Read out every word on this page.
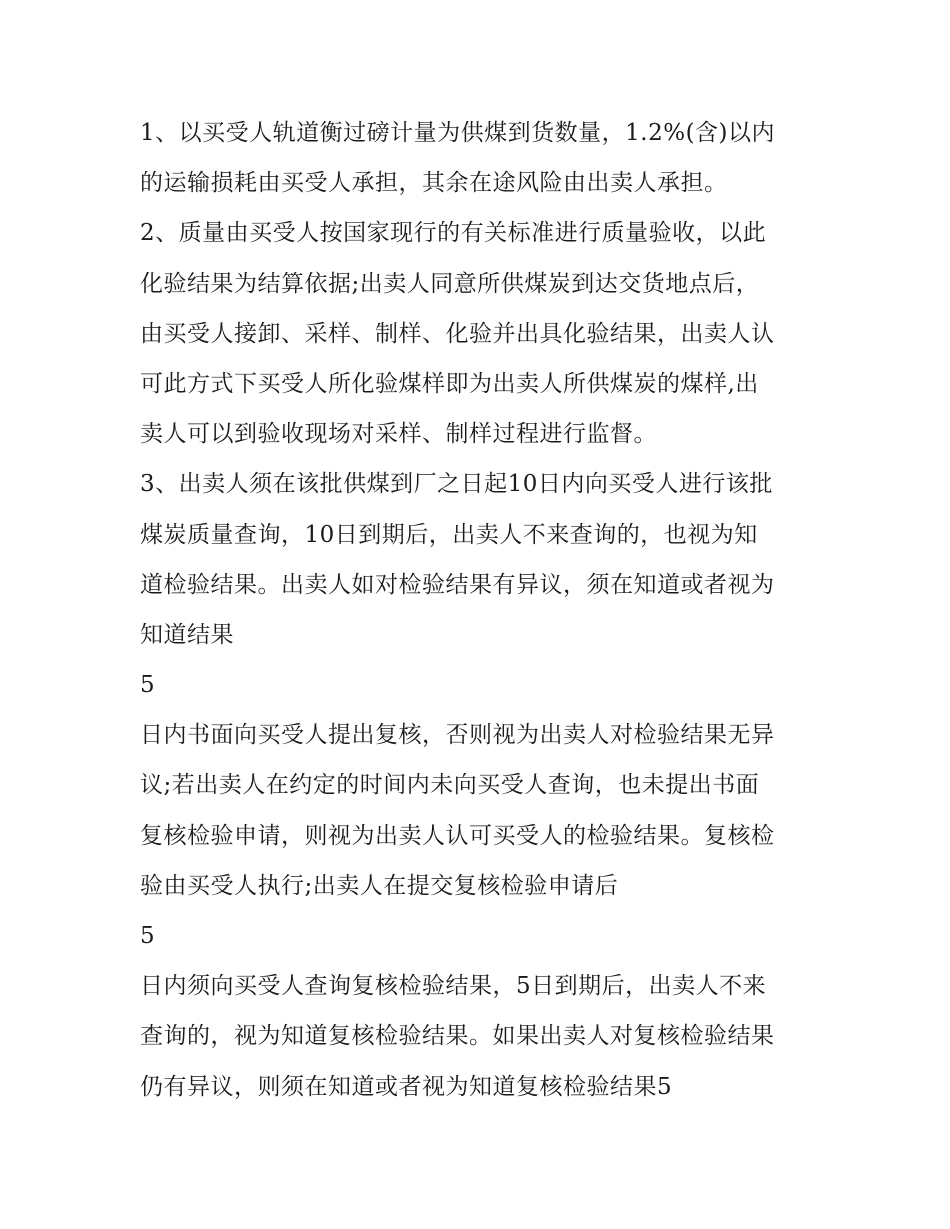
1、以买受人轨道衡过磅计量为供煤到货数量，1.2%(含)以内
的运输损耗由买受人承担，其余在途风险由出卖人承担。
2、质量由买受人按国家现行的有关标准进行质量验收，以此
化验结果为结算依据;出卖人同意所供煤炭到达交货地点后，
由买受人接卸、采样、制样、化验并出具化验结果，出卖人认
可此方式下买受人所化验煤样即为出卖人所供煤炭的煤样,出
卖人可以到验收现场对采样、制样过程进行监督。
3、出卖人须在该批供煤到厂之日起10日内向买受人进行该批
煤炭质量查询，10日到期后，出卖人不来查询的，也视为知
道检验结果。出卖人如对检验结果有异议，须在知道或者视为
知道结果
5
日内书面向买受人提出复核，否则视为出卖人对检验结果无异
议;若出卖人在约定的时间内未向买受人查询，也未提出书面
复核检验申请，则视为出卖人认可买受人的检验结果。复核检
验由买受人执行;出卖人在提交复核检验申请后
5
日内须向买受人查询复核检验结果，5日到期后，出卖人不来
查询的，视为知道复核检验结果。如果出卖人对复核检验结果
仍有异议，则须在知道或者视为知道复核检验结果5
